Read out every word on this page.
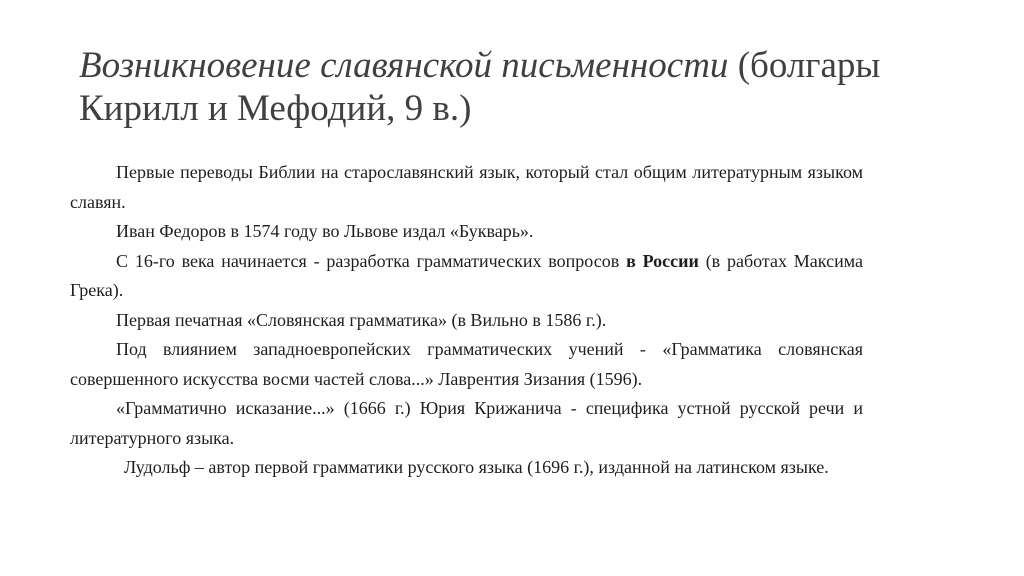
Возникновение славянской письменности (болгары Кирилл и Мефодий, 9 в.)

Первые переводы Библии на старославянский язык, который стал общим литературным языком славян.

Иван Федоров в 1574 году во Львове издал «Букварь».

С 16-го века начинается - разработка грамматических вопросов в России (в работах Максима Грека).

Первая печатная «Словянская грамматика» (в Вильно в 1586 г.).

Под влиянием западноевропейских грамматических учений - «Грамматика словянская совершенного искусства восми частей слова...» Лаврентия Зизания (1596).

«Грамматично исказание...» (1666 г.) Юрия Крижанича - специфика устной русской речи и литературного языка.

Лудольф – автор первой грамматики русского языка (1696 г.), изданной на латинском языке.
